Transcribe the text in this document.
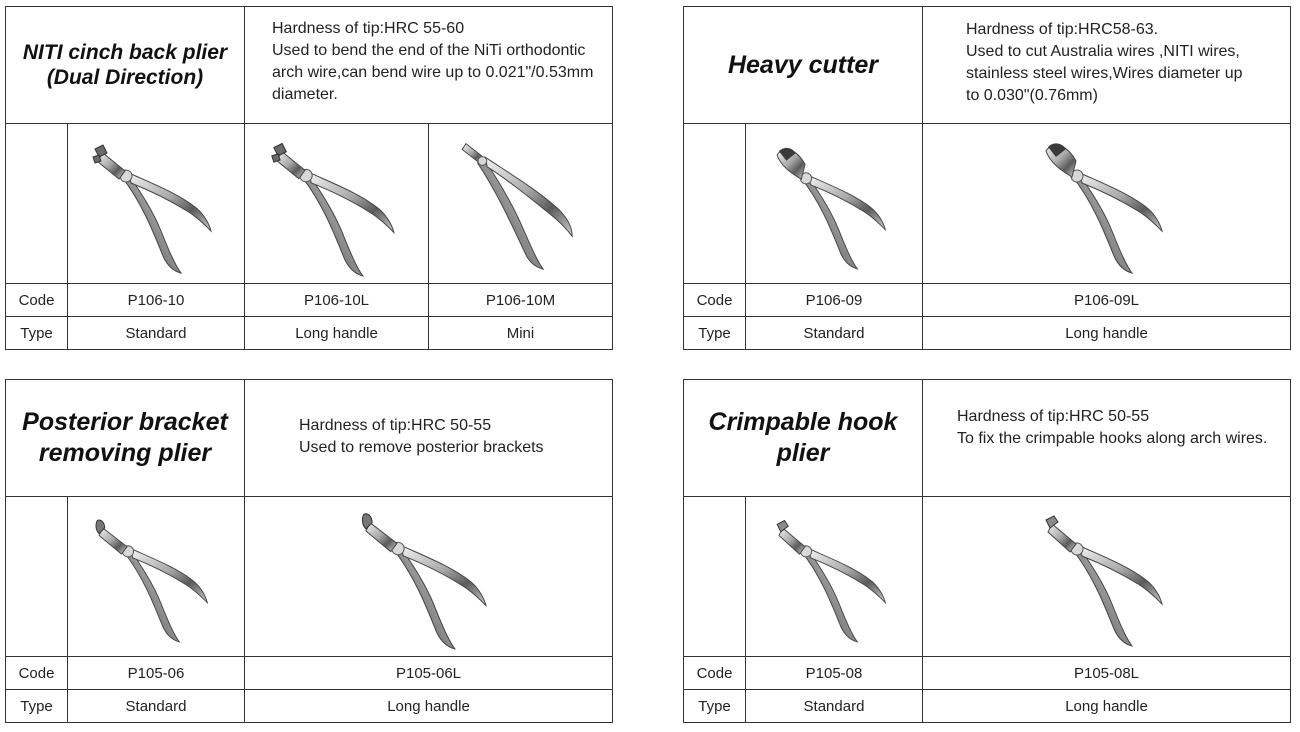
NITI cinch back plier
(Dual Direction)
Hardness of tip:HRC 55-60
Used to bend the end of the NiTi orthodontic
arch wire,can bend wire up to 0.021"/0.53mm
diameter.
Code	P106-10	P106-10L	P106-10M
Type	Standard	Long handle	Mini
Heavy cutter
Hardness of tip:HRC58-63.
Used to cut Australia wires ,NITI wires,
stainless steel wires,Wires diameter up
to 0.030"(0.76mm)
Code	P106-09	P106-09L
Type	Standard	Long handle
Posterior bracket
removing plier
Hardness of tip:HRC 50-55
Used to remove posterior brackets
Code	P105-06	P105-06L
Type	Standard	Long handle
Crimpable hook
plier
Hardness of tip:HRC 50-55
To fix the crimpable hooks along arch wires.
Code	P105-08	P105-08L
Type	Standard	Long handle
